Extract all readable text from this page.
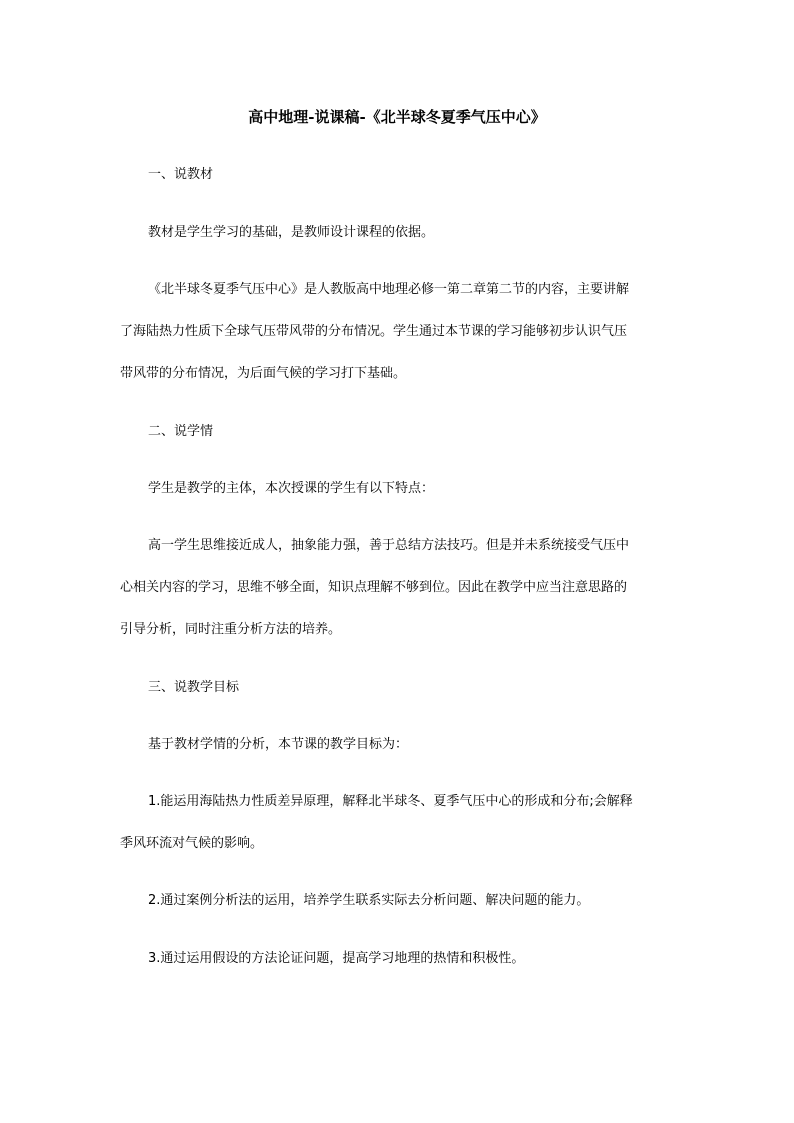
高中地理-说课稿-《北半球冬夏季气压中心》
一、说教材
教材是学生学习的基础，是教师设计课程的依据。
《北半球冬夏季气压中心》是人教版高中地理必修一第二章第二节的内容，主要讲解
了海陆热力性质下全球气压带风带的分布情况。学生通过本节课的学习能够初步认识气压
带风带的分布情况，为后面气候的学习打下基础。
二、说学情
学生是教学的主体，本次授课的学生有以下特点：
高一学生思维接近成人，抽象能力强，善于总结方法技巧。但是并未系统接受气压中
心相关内容的学习，思维不够全面，知识点理解不够到位。因此在教学中应当注意思路的
引导分析，同时注重分析方法的培养。
三、说教学目标
基于教材学情的分析，本节课的教学目标为：
1.能运用海陆热力性质差异原理，解释北半球冬、夏季气压中心的形成和分布;会解释
季风环流对气候的影响。
2.通过案例分析法的运用，培养学生联系实际去分析问题、解决问题的能力。
3.通过运用假设的方法论证问题，提高学习地理的热情和积极性。
